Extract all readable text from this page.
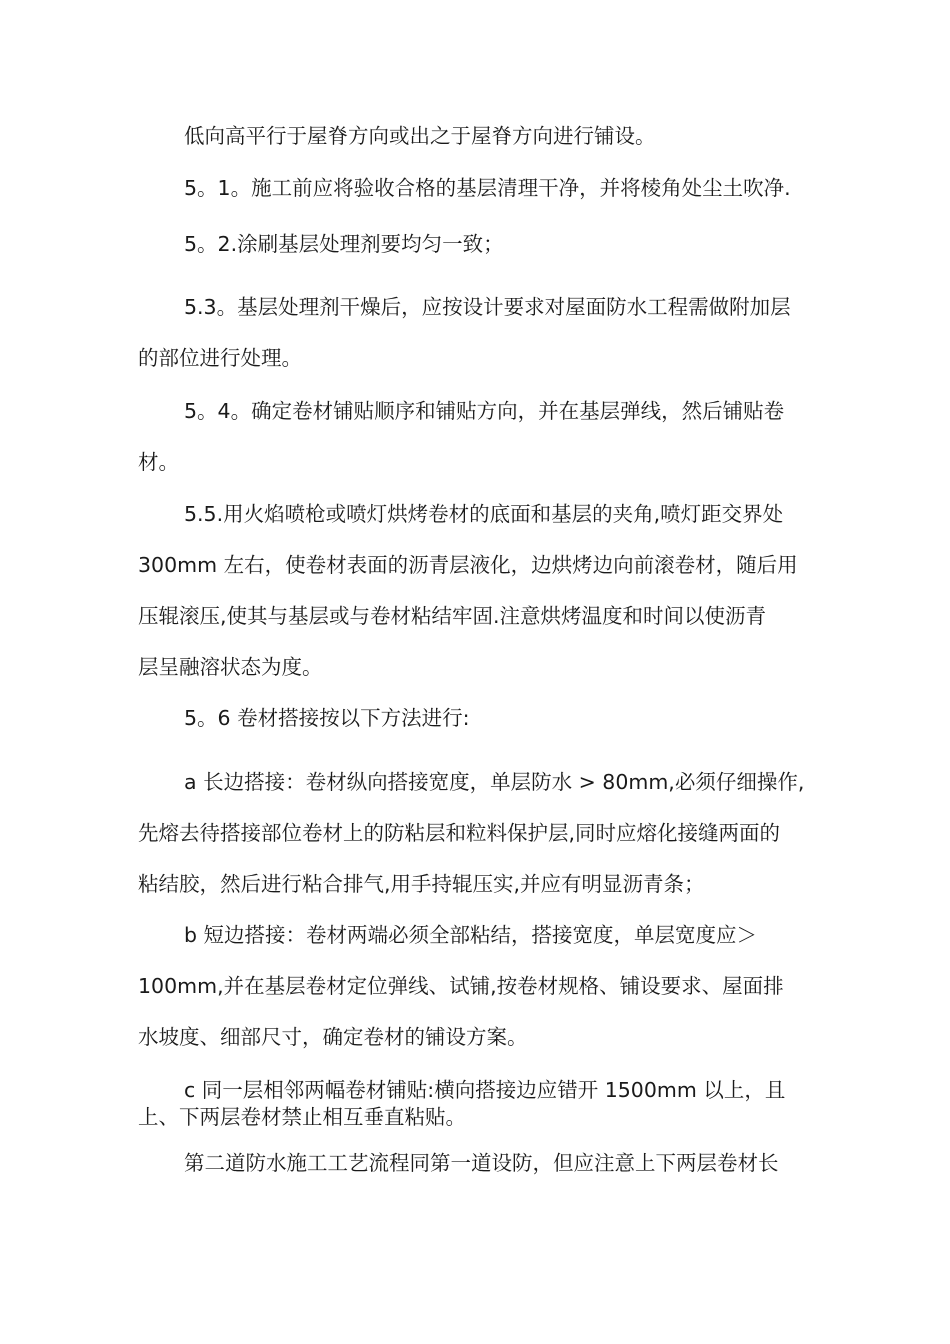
低向高平行于屋脊方向或出之于屋脊方向进行铺设。

5。1。施工前应将验收合格的基层清理干净，并将棱角处尘土吹净.

5。2.涂刷基层处理剂要均匀一致；

5.3。基层处理剂干燥后，应按设计要求对屋面防水工程需做附加层
的部位进行处理。

5。4。确定卷材铺贴顺序和铺贴方向，并在基层弹线，然后铺贴卷
材。

5.5.用火焰喷枪或喷灯烘烤卷材的底面和基层的夹角,喷灯距交界处
300mm 左右，使卷材表面的沥青层液化，边烘烤边向前滚卷材，随后用
压辊滚压,使其与基层或与卷材粘结牢固.注意烘烤温度和时间以使沥青
层呈融溶状态为度。

5。6 卷材搭接按以下方法进行:

a 长边搭接：卷材纵向搭接宽度，单层防水 > 80mm,必须仔细操作,
先熔去待搭接部位卷材上的防粘层和粒料保护层,同时应熔化接缝两面的
粘结胶，然后进行粘合排气,用手持辊压实,并应有明显沥青条；

b 短边搭接：卷材两端必须全部粘结，搭接宽度，单层宽度应＞
100mm,并在基层卷材定位弹线、试铺,按卷材规格、铺设要求、屋面排
水坡度、细部尺寸，确定卷材的铺设方案。

c 同一层相邻两幅卷材铺贴:横向搭接边应错开 1500mm 以上，且
上、下两层卷材禁止相互垂直粘贴。

第二道防水施工工艺流程同第一道设防，但应注意上下两层卷材长
